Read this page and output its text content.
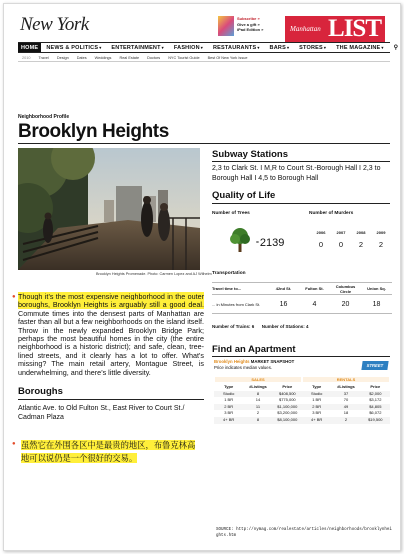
New York	Subscribe »
Give a gift »
iPad Edition »	Manhattan LIST
HOME	NEWS & POLITICS▾	ENTERTAINMENT▾	FASHION▾	RESTAURANTS▾	BARS▾	STORES▾	THE MAGAZINE▾	⚲
2010	Travel	Design	Dates	Weddings	Real Estate	Doctors	NYC Tourist Guide	Best Of New York Issue
Neighborhood Profile
Brooklyn Heights
Brooklyn Heights Promenade. Photo: Carmen Lopez and AJ Wilhelm
● Though it’s the most expensive neighborhood in the outer boroughs, Brooklyn Heights is arguably still a good deal. Commute times into the densest parts of Manhattan are faster than all but a few neighborhoods on the island itself. Throw in the newly expanded Brooklyn Bridge Park; perhaps the most beautiful homes in the city (the entire neighborhood is a historic district); and safe, clean, tree-lined streets, and it clearly has a lot to offer. What’s missing? The main retail artery, Montague Street, is underwhelming, and there’s little diversity.
Boroughs
Atlantic Ave. to Old Fulton St., East River to Court St./ Cadman Plaza
● 虽然它在外围各区中是最贵的地区，布鲁克林高
地可以说仍是一个很好的交易。
Subway Stations
2,3 to Clark St. I M,R to Court St.-Borough Hall I 2,3 to Borough Hall I 4,5 to Borough Hall
Quality of Life
Number of Trees	Number of Murders
=2139
2006	2007	2008	2009
0	0	2	2
Transportation
Travel time to...	42nd St.	Fulton St.	Columbus Circle	Union Sq.
... in Minutes from Clark St.	16	4	20	18
Number of Trains: 6      Number of Stations: 4
Find an Apartment
Brooklyn Heights MARKET SNAPSHOT
Price indicates median values.	STREET EASY
SALES	RENTALS
Type	#Listings	Price	Type	#Listings	Price
Studio	8	$408,500	Studio	37	$2,000
1 BR	14	$775,000	1 BR	70	$3,172
2 BR	11	$1,100,000	2 BR	49	$4,805
3 BR	2	$3,200,000	3 BR	18	$6,072
4+ BR	8	$8,100,000	4+ BR	2	$19,500
SOURCE: http://nymag.com/realestate/articles/neighborhoods/brooklynheights.htm
